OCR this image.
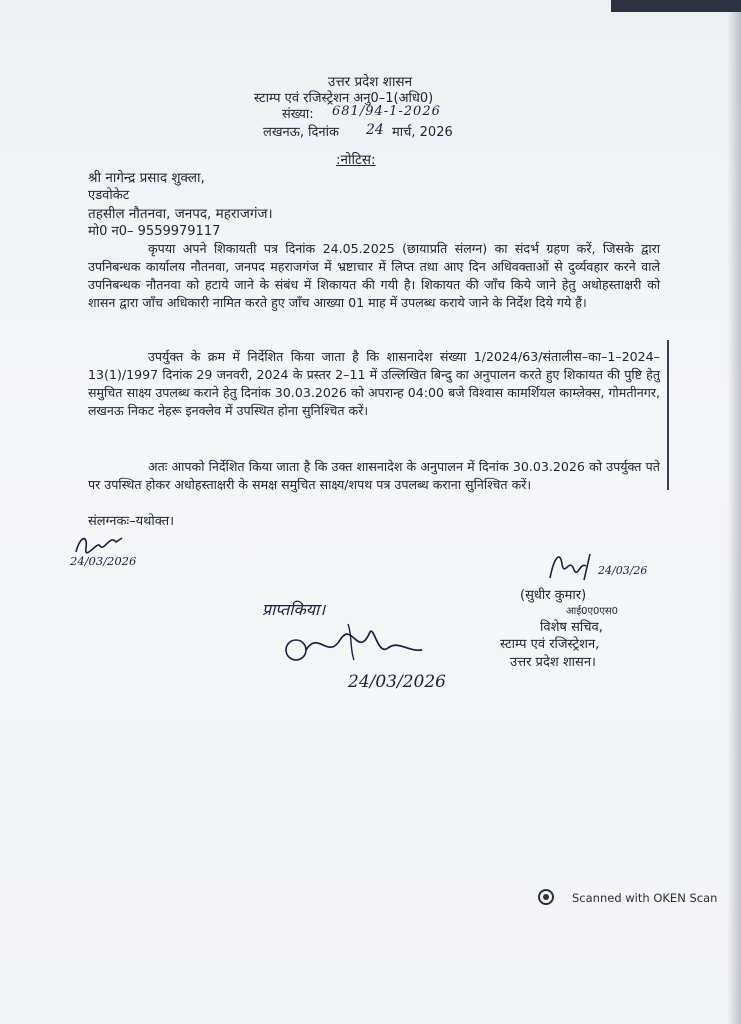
उत्तर प्रदेश शासन
स्टाम्प एवं रजिस्ट्रेशन अनु0–1(अधि0)
संख्या: 681/94-1-2026
लखनऊ, दिनांक 24 मार्च, 2026
:नोटिस:
श्री नागेन्द्र प्रसाद शुक्ला,
एडवोकेट
तहसील नौतनवा, जनपद, महराजगंज।
मो0 न0– 9559979117
कृपया अपने शिकायती पत्र दिनांक 24.05.2025 (छायाप्रति संलग्न) का संदर्भ ग्रहण करें, जिसके द्वारा उपनिबन्धक कार्यालय नौतनवा, जनपद महराजगंज में भ्रष्टाचार में लिप्त तथा आए दिन अधिवक्ताओं से दुर्व्यवहार करने वाले उपनिबन्धक नौतनवा को हटाये जाने के संबंध में शिकायत की गयी है। शिकायत की जाँच किये जाने हेतु अधोहस्ताक्षरी को शासन द्वारा जाँच अधिकारी नामित करते हुए जाँच आख्या 01 माह में उपलब्ध कराये जाने के निर्देश दिये गये हैं।
उपर्युक्त के क्रम में निर्देशित किया जाता है कि शासनादेश संख्या 1/2024/63/संतालीस–का–1–2024–13(1)/1997 दिनांक 29 जनवरी, 2024 के प्रस्तर 2–11 में उल्लिखित बिन्दु का अनुपालन करते हुए शिकायत की पुष्टि हेतु समुचित साक्ष्य उपलब्ध कराने हेतु दिनांक 30.03.2026 को अपरान्ह 04:00 बजे विश्वास कामर्शियल काम्लेक्स, गोमतीनगर, लखनऊ निकट नेहरू इनक्लेव में उपस्थित होना सुनिश्चित करें।
अतः आपको निर्देशित किया जाता है कि उक्त शासनादेश के अनुपालन में दिनांक 30.03.2026 को उपर्युक्त पते पर उपस्थित होकर अधोहस्ताक्षरी के समक्ष समुचित साक्ष्य/शपथ पत्र उपलब्ध कराना सुनिश्चित करें।
संलग्नकः–यथोक्त।
24/03/2026
24/03/26
(सुधीर कुमार)
आई0ए0एस0
विशेष सचिव,
स्टाम्प एवं रजिस्ट्रेशन,
उत्तर प्रदेश शासन।
प्राप्तकिया।
24/03/2026
Scanned with OKEN Scan
